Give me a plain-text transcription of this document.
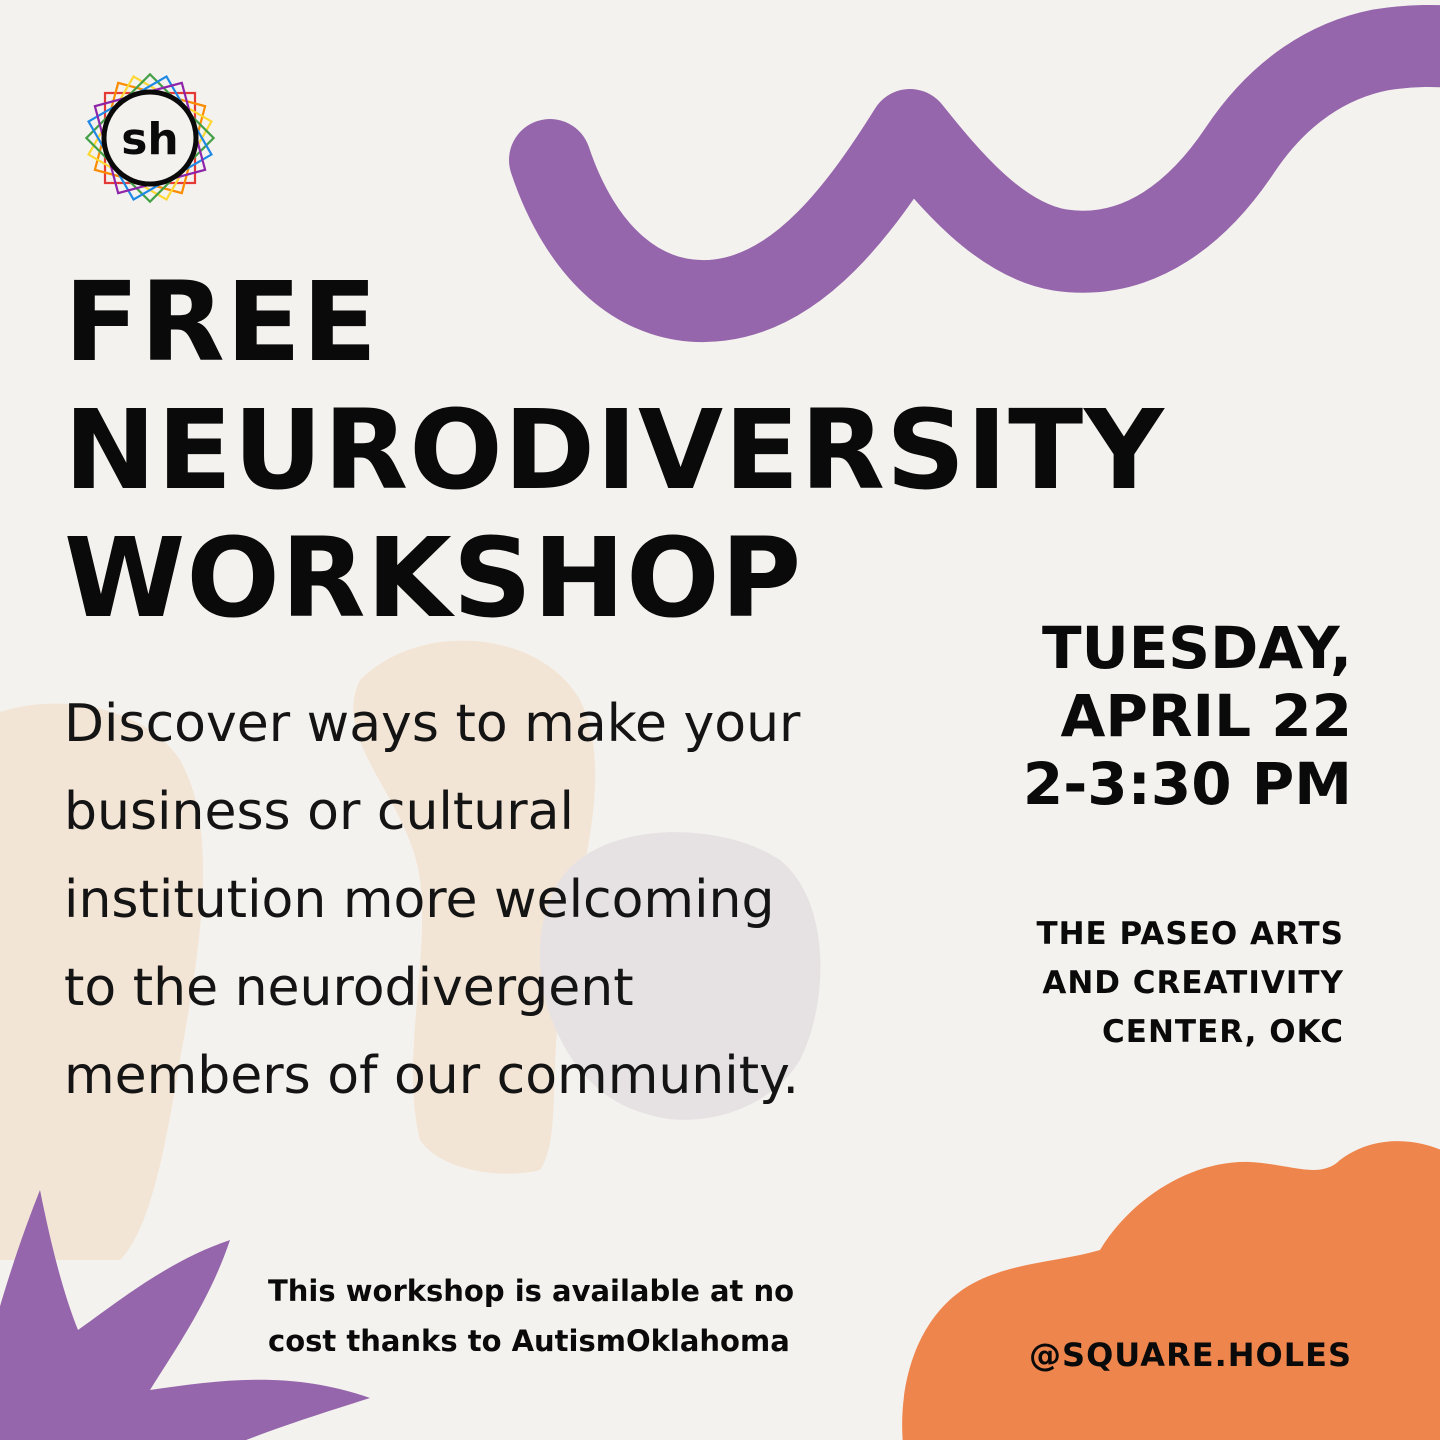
sh
FREE
NEURODIVERSITY
WORKSHOP

Discover ways to make your
business or cultural
institution more welcoming
to the neurodivergent
members of our community.

TUESDAY,
APRIL 22
2-3:30 PM
THE PASEO ARTS
AND CREATIVITY
CENTER, OKC
This workshop is available at no
cost thanks to AutismOklahoma	@SQUARE.HOLES
